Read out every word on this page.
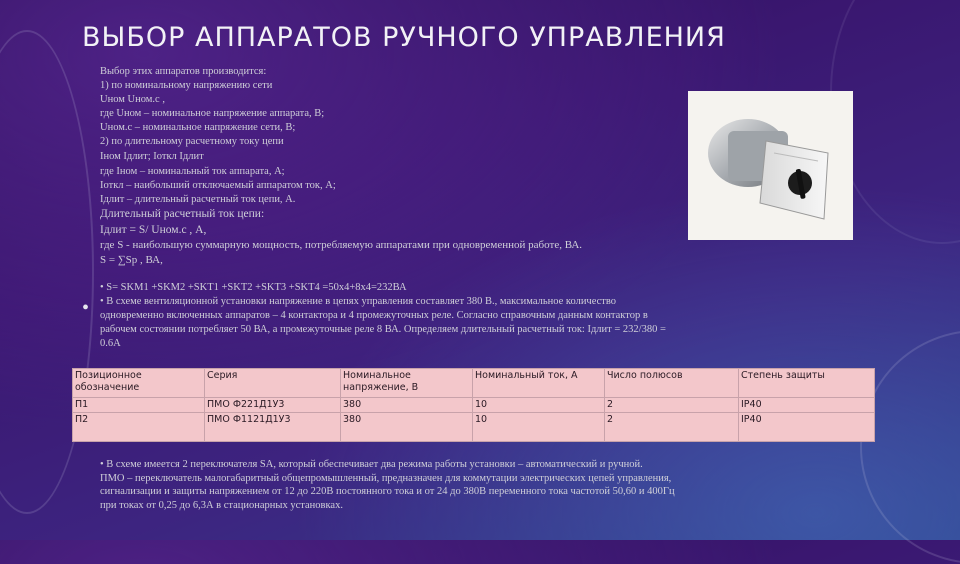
ВЫБОР АППАРАТОВ РУЧНОГО УПРАВЛЕНИЯ
Выбор этих аппаратов производится:
1) по номинальному напряжению сети
Uном Uном.с ,
где Uном – номинальное напряжение аппарата, В;
Uном.с – номинальное напряжение сети, В;
2) по длительному расчетному току цепи
Iном Iдлит; Iоткл Iдлит
где Iном – номинальный ток аппарата, А;
Iоткл – наибольший отключаемый аппаратом ток, А;
Iдлит – длительный расчетный ток цепи, А.
Длительный расчетный ток цепи:
Iдлит = S/ Uном.с , А,
где S - наибольшую суммарную мощность, потребляемую аппаратами при одновременной работе, ВА.
S = ∑Sр , ВА,
• S= SKM1 +SKM2 +SKT1 +SKT2 +SKT3 +SKT4 =50х4+8х4=232ВА
• В схеме вентиляционной установки напряжение в цепях управления составляет 380 В., максимальное количество
одновременно включенных аппаратов – 4 контактора и 4 промежуточных реле. Согласно справочным данным контактор в
рабочем состоянии потребляет 50 ВА, а промежуточные реле 8 ВА. Определяем длительный расчетный ток: Iдлит = 232/380 =
0.6А
•
Позиционное обозначение	Серия	Номинальное напряжение, В	Номинальный ток, А	Число полюсов	Степень защиты
П1	ПМО Ф221Д1У3	380	10	2	IP40
П2	ПМО Ф1121Д1У3	380	10	2	IP40
• В схеме имеется 2 переключателя SA, который обеспечивает два режима работы установки – автоматический и ручной.
ПМО – переключатель малогабаритный общепромышленный, предназначен для коммутации электрических цепей управления,
сигнализации и защиты напряжением от 12 до 220В постоянного тока и от 24 до 380В переменного тока частотой 50,60 и 400Гц
при токах от 0,25 до 6,3А в стационарных установках.
